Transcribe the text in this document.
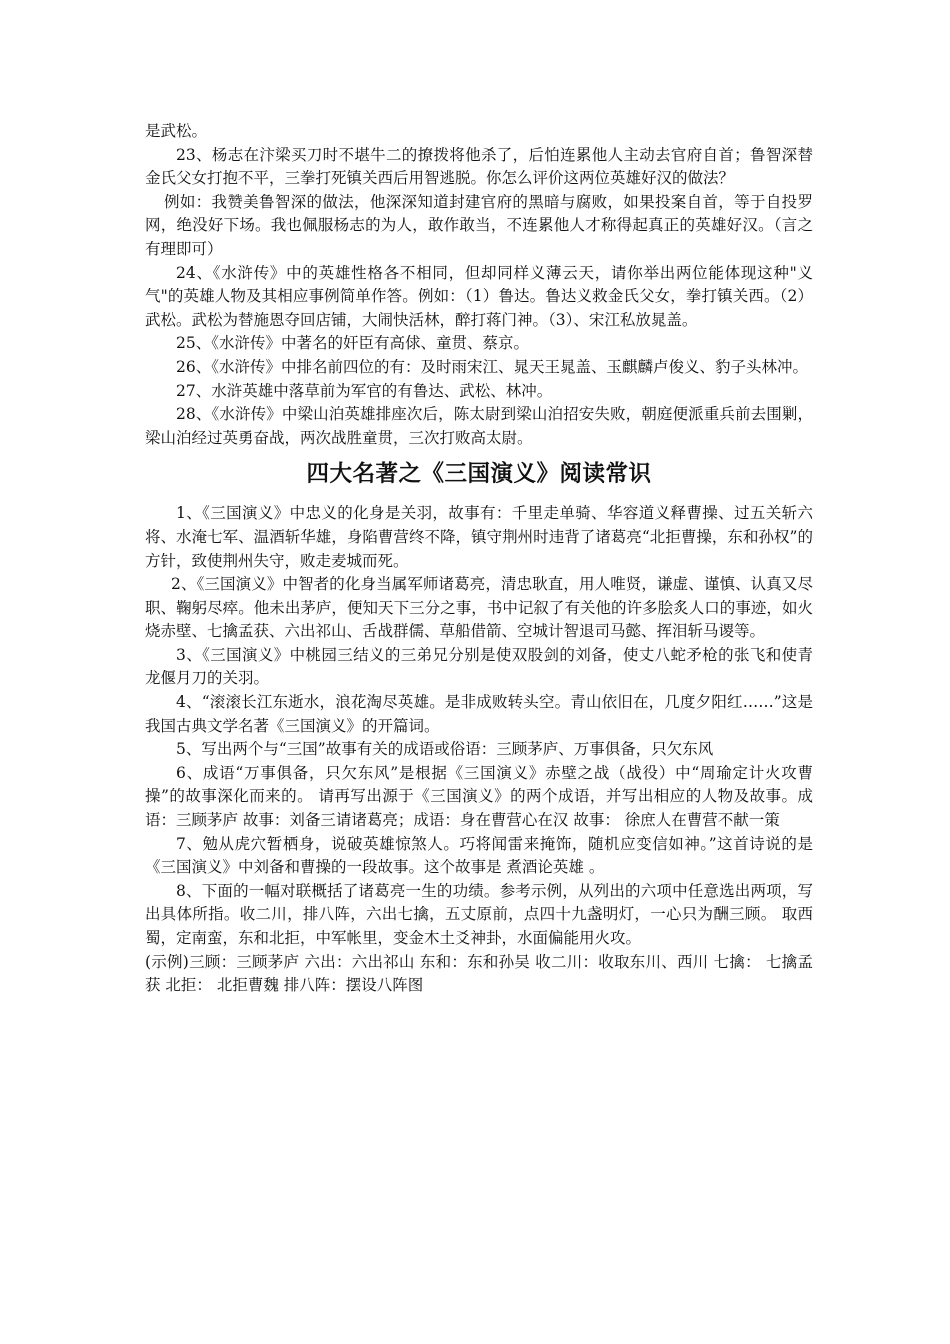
是武松。

23、杨志在汴梁买刀时不堪牛二的撩拨将他杀了，后怕连累他人主动去官府自首；鲁智深替金氏父女打抱不平，三拳打死镇关西后用智逃脱。你怎么评价这两位英雄好汉的做法？

例如：我赞美鲁智深的做法，他深深知道封建官府的黑暗与腐败，如果投案自首，等于自投罗网，绝没好下场。我也佩服杨志的为人，敢作敢当，不连累他人才称得起真正的英雄好汉。（言之有理即可）

24、《水浒传》中的英雄性格各不相同，但却同样义薄云天，请你举出两位能体现这种"义气"的英雄人物及其相应事例简单作答。例如：（1）鲁达。鲁达义救金氏父女，拳打镇关西。（2）武松。武松为替施恩夺回店铺，大闹快活林，醉打蒋门神。（3）、宋江私放晁盖。

25、《水浒传》中著名的奸臣有高俅、童贯、蔡京。

26、《水浒传》中排名前四位的有：及时雨宋江、晁天王晁盖、玉麒麟卢俊义、豹子头林冲。

27、水浒英雄中落草前为军官的有鲁达、武松、林冲。

28、《水浒传》中梁山泊英雄排座次后，陈太尉到梁山泊招安失败，朝庭便派重兵前去围剿，梁山泊经过英勇奋战，两次战胜童贯，三次打败高太尉。

四大名著之《三国演义》阅读常识

1、《三国演义》中忠义的化身是关羽，故事有：千里走单骑、华容道义释曹操、过五关斩六将、水淹七军、温酒斩华雄，身陷曹营终不降，镇守荆州时违背了诸葛亮“北拒曹操，东和孙权”的方针，致使荆州失守，败走麦城而死。

2、《三国演义》中智者的化身当属军师诸葛亮，清忠耿直，用人唯贤，谦虚、谨慎、认真又尽职、鞠躬尽瘁。他未出茅庐，便知天下三分之事，书中记叙了有关他的许多脍炙人口的事迹，如火烧赤壁、七擒孟获、六出祁山、舌战群儒、草船借箭、空城计智退司马懿、挥泪斩马谡等。

3、《三国演义》中桃园三结义的三弟兄分别是使双股剑的刘备，使丈八蛇矛枪的张飞和使青龙偃月刀的关羽。

4、“滚滚长江东逝水，浪花淘尽英雄。是非成败转头空。青山依旧在，几度夕阳红……”这是我国古典文学名著《三国演义》的开篇词。

5、写出两个与“三国”故事有关的成语或俗语：三顾茅庐、万事俱备，只欠东风

6、成语“万事俱备，只欠东风”是根据《三国演义》赤壁之战（战役）中“周瑜定计火攻曹操”的故事深化而来的。 请再写出源于《三国演义》的两个成语，并写出相应的人物及故事。成语：三顾茅庐 故事：刘备三请诸葛亮；成语：身在曹营心在汉 故事： 徐庶人在曹营不献一策

7、勉从虎穴暂栖身，说破英雄惊煞人。巧将闻雷来掩饰，随机应变信如神。”这首诗说的是《三国演义》中刘备和曹操的一段故事。这个故事是 煮酒论英雄 。

8、下面的一幅对联概括了诸葛亮一生的功绩。参考示例，从列出的六项中任意选出两项，写出具体所指。收二川，排八阵，六出七擒，五丈原前，点四十九盏明灯，一心只为酬三顾。 取西蜀，定南蛮，东和北拒，中军帐里，变金木土爻神卦，水面偏能用火攻。

(示例)三顾：三顾茅庐 六出：六出祁山 东和：东和孙吴 收二川：收取东川、西川 七擒： 七擒孟获 北拒： 北拒曹魏 排八阵：摆设八阵图
